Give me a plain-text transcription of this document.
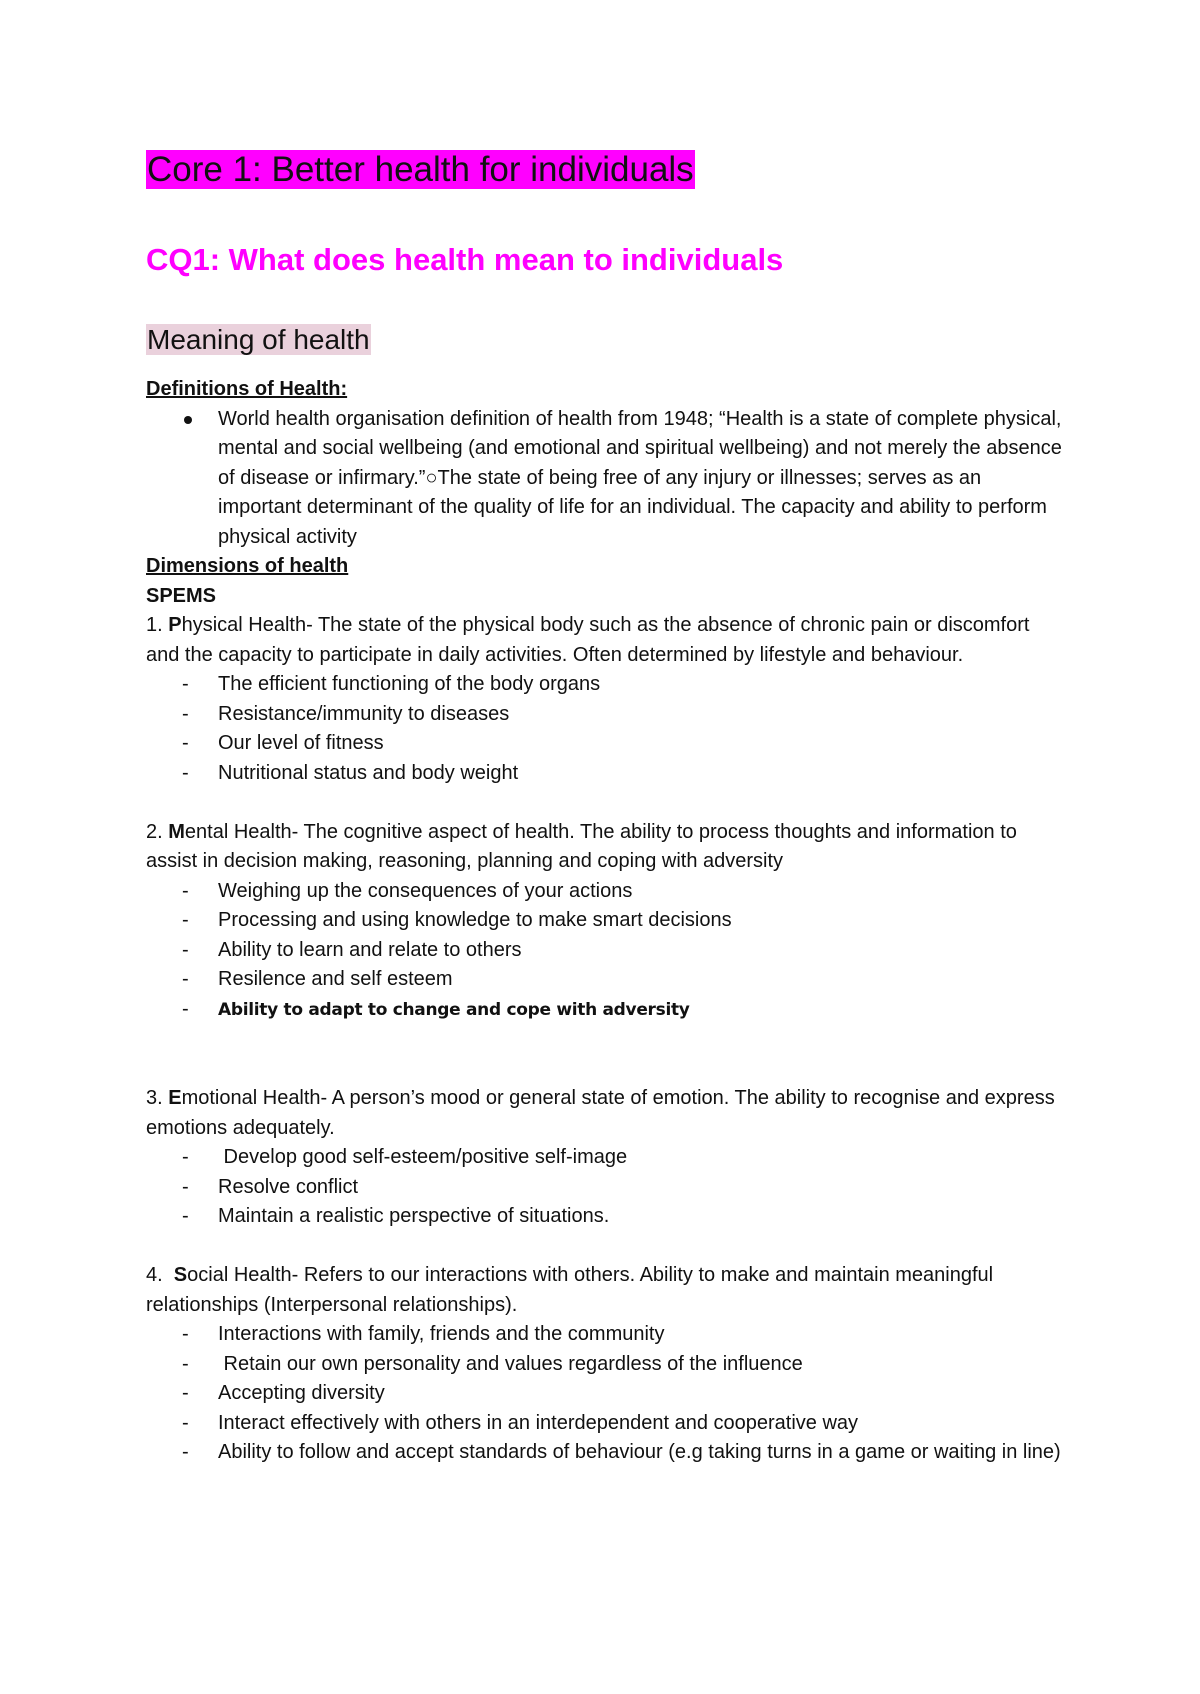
Core 1: Better health for individuals
CQ1: What does health mean to individuals
Meaning of health

Definitions of Health:

World health organisation definition of health from 1948; “Health is a state of complete physical, mental and social wellbeing (and emotional and spiritual wellbeing) and not merely the absence of disease or infirmary.”○The state of being free of any injury or illnesses; serves as an important determinant of the quality of life for an individual. The capacity and ability to perform physical activity

Dimensions of health

SPEMS

1. Physical Health- The state of the physical body such as the absence of chronic pain or discomfort and the capacity to participate in daily activities. Often determined by lifestyle and behaviour.

-	The efficient functioning of the body organs
-	Resistance/immunity to diseases
-	Our level of fitness
-	Nutritional status and body weight

2. Mental Health- The cognitive aspect of health. The ability to process thoughts and information to assist in decision making, reasoning, planning and coping with adversity

-	Weighing up the consequences of your actions
-	Processing and using knowledge to make smart decisions
-	Ability to learn and relate to others
-	Resilence and self esteem
-	Ability to adapt to change and cope with adversity

3. Emotional Health- A person’s mood or general state of emotion. The ability to recognise and express emotions adequately.

-	Develop good self-esteem/positive self-image
-	Resolve conflict
-	Maintain a realistic perspective of situations.

4.  Social Health- Refers to our interactions with others. Ability to make and maintain meaningful relationships (Interpersonal relationships).

-	Interactions with family, friends and the community
-	Retain our own personality and values regardless of the influence
-	Accepting diversity
-	Interact effectively with others in an interdependent and cooperative way
-	Ability to follow and accept standards of behaviour (e.g taking turns in a game or waiting in line)
